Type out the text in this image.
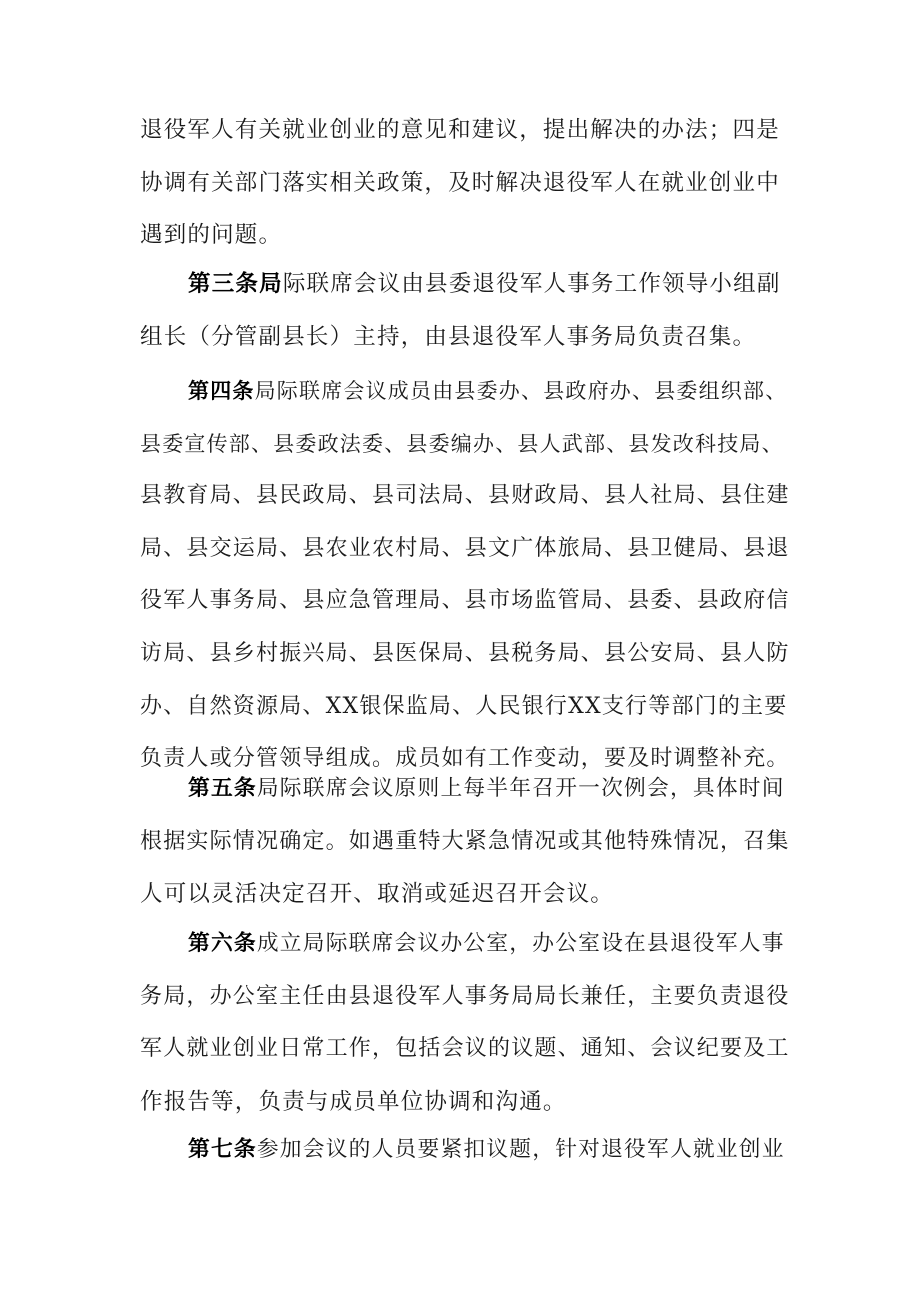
退役军人有关就业创业的意见和建议，提出解决的办法；四是
协调有关部门落实相关政策，及时解决退役军人在就业创业中
遇到的问题。
第三条局际联席会议由县委退役军人事务工作领导小组副
组长（分管副县长）主持，由县退役军人事务局负责召集。
第四条局际联席会议成员由县委办、县政府办、县委组织部、
县委宣传部、县委政法委、县委编办、县人武部、县发改科技局、
县教育局、县民政局、县司法局、县财政局、县人社局、县住建
局、县交运局、县农业农村局、县文广体旅局、县卫健局、县退
役军人事务局、县应急管理局、县市场监管局、县委、县政府信
访局、县乡村振兴局、县医保局、县税务局、县公安局、县人防
办、自然资源局、XX银保监局、人民银行XX支行等部门的主要
负责人或分管领导组成。成员如有工作变动，要及时调整补充。
第五条局际联席会议原则上每半年召开一次例会，具体时间
根据实际情况确定。如遇重特大紧急情况或其他特殊情况，召集
人可以灵活决定召开、取消或延迟召开会议。
第六条成立局际联席会议办公室，办公室设在县退役军人事
务局，办公室主任由县退役军人事务局局长兼任，主要负责退役
军人就业创业日常工作，包括会议的议题、通知、会议纪要及工
作报告等，负责与成员单位协调和沟通。
第七条参加会议的人员要紧扣议题，针对退役军人就业创业
